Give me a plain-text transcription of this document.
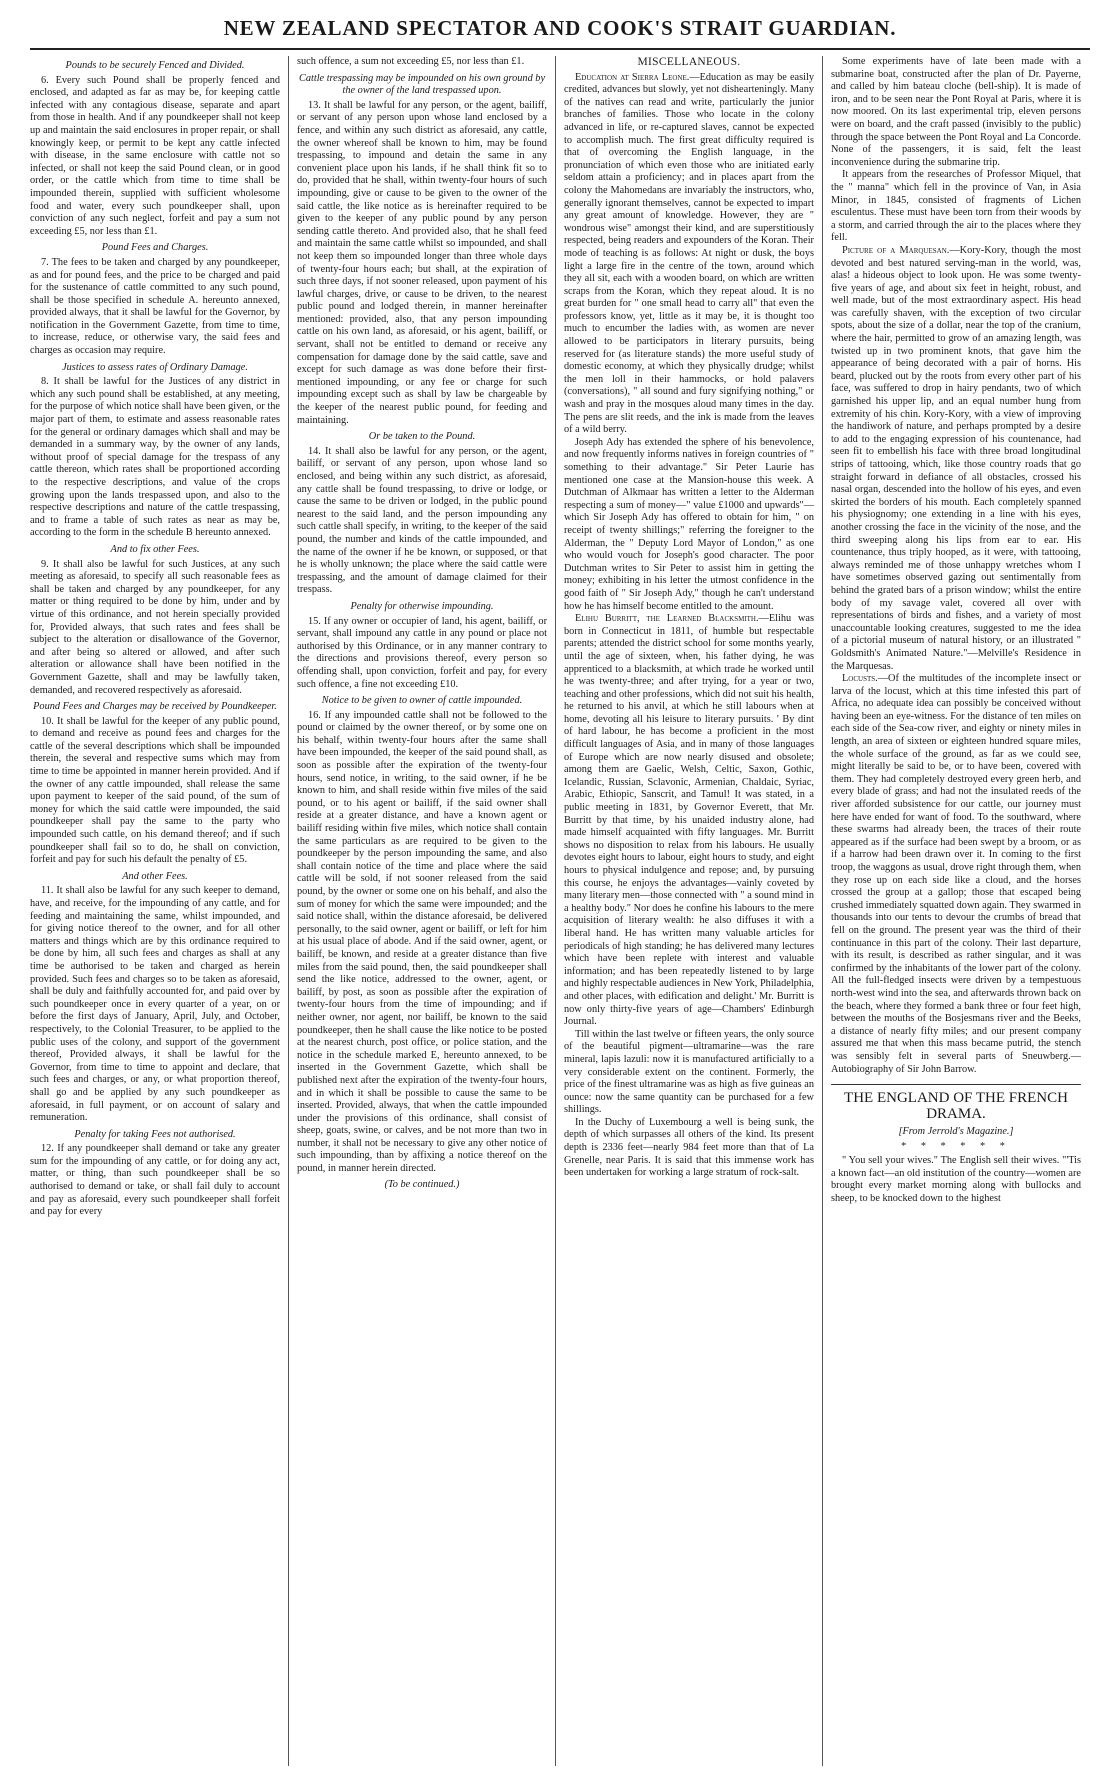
NEW ZEALAND SPECTATOR AND COOK'S STRAIT GUARDIAN.
Pounds to be securely Fenced and Divided.

6. Every such Pound shall be properly fenced and enclosed, and adapted as far as may be, for keeping cattle infected with any contagious disease, separate and apart from those in health. And if any poundkeeper shall not keep up and maintain the said enclosures in proper repair, or shall knowingly keep, or permit to be kept any cattle infected with disease, in the same enclosure with cattle not so infected, or shall not keep the said Pound clean, or in good order, or the cattle which from time to time shall be impounded therein, supplied with sufficient wholesome food and water, every such poundkeeper shall, upon conviction of any such neglect, forfeit and pay a sum not exceeding £5, nor less than £1.

Pound Fees and Charges.

7. The fees to be taken and charged by any poundkeeper, as and for pound fees, and the price to be charged and paid for the sustenance of cattle committed to any such pound, shall be those specified in schedule A. hereunto annexed, provided always, that it shall be lawful for the Governor, by notification in the Government Gazette, from time to time, to increase, reduce, or otherwise vary, the said fees and charges as occasion may require.

Justices to assess rates of Ordinary Damage.

8. It shall be lawful for the Justices of any district in which any such pound shall be established, at any meeting, for the purpose of which notice shall have been given, or the major part of them, to estimate and assess reasonable rates for the general or ordinary damages which shall and may be demanded in a summary way, by the owner of any lands, without proof of special damage for the trespass of any cattle thereon, which rates shall be proportioned according to the respective descriptions, and value of the crops growing upon the lands trespassed upon, and also to the respective descriptions and nature of the cattle trespassing, and to frame a table of such rates as near as may be, according to the form in the schedule B hereunto annexed.

And to fix other Fees.

9. It shall also be lawful for such Justices, at any such meeting as aforesaid, to specify all such reasonable fees as shall be taken and charged by any poundkeeper, for any matter or thing required to be done by him, under and by virtue of this ordinance, and not herein specially provided for, Provided always, that such rates and fees shall be subject to the alteration or disallowance of the Governor, and after being so altered or allowed, and after such alteration or allowance shall have been notified in the Government Gazette, shall and may be lawfully taken, demanded, and recovered respectively as aforesaid.

Pound Fees and Charges may be received by Poundkeeper.

10. It shall be lawful for the keeper of any public pound, to demand and receive as pound fees and charges for the cattle of the several descriptions which shall be impounded therein, the several and respective sums which may from time to time be appointed in manner herein provided. And if the owner of any cattle impounded, shall release the same upon payment to keeper of the said pound, of the sum of money for which the said cattle were impounded, the said poundkeeper shall pay the same to the party who impounded such cattle, on his demand thereof; and if such poundkeeper shall fail so to do, he shall on conviction, forfeit and pay for such his default the penalty of £5.

And other Fees.

11. It shall also be lawful for any such keeper to demand, have, and receive, for the impounding of any cattle, and for feeding and maintaining the same, whilst impounded, and for giving notice thereof to the owner, and for all other matters and things which are by this ordinance required to be done by him, all such fees and charges as shall at any time be authorised to be taken and charged as herein provided. Such fees and charges so to be taken as aforesaid, shall be duly and faithfully accounted for, and paid over by such poundkeeper once in every quarter of a year, on or before the first days of January, April, July, and October, respectively, to the Colonial Treasurer, to be applied to the public uses of the colony, and support of the government thereof, Provided always, it shall be lawful for the Governor, from time to time to appoint and declare, that such fees and charges, or any, or what proportion thereof, shall go and be applied by any such poundkeeper as aforesaid, in full payment, or on account of salary and remuneration.

Penalty for taking Fees not authorised.

12. If any poundkeeper shall demand or take any greater sum for the impounding of any cattle, or for doing any act, matter, or thing, than such poundkeeper shall be so authorised to demand or take, or shall fail duly to account and pay as aforesaid, every such poundkeeper shall forfeit and pay for every

such offence, a sum not exceeding £5, nor less than £1.

Cattle trespassing may be impounded on his own ground by the owner of the land trespassed upon.

13. It shall be lawful for any person, or the agent, bailiff, or servant of any person upon whose land enclosed by a fence, and within any such district as aforesaid, any cattle, the owner whereof shall be known to him, may be found trespassing, to impound and detain the same in any convenient place upon his lands, if he shall think fit so to do, provided that he shall, within twenty-four hours of such impounding, give or cause to be given to the owner of the said cattle, the like notice as is hereinafter required to be given to the keeper of any public pound by any person sending cattle thereto. And provided also, that he shall feed and maintain the same cattle whilst so impounded, and shall not keep them so impounded longer than three whole days of twenty-four hours each; but shall, at the expiration of such three days, if not sooner released, upon payment of his lawful charges, drive, or cause to be driven, to the nearest public pound and lodged therein, in manner hereinafter mentioned: provided, also, that any person impounding cattle on his own land, as aforesaid, or his agent, bailiff, or servant, shall not be entitled to demand or receive any compensation for damage done by the said cattle, save and except for such damage as was done before their first-mentioned impounding, or any fee or charge for such impounding except such as shall by law be chargeable by the keeper of the nearest public pound, for feeding and maintaining.

Or be taken to the Pound.

14. It shall also be lawful for any person, or the agent, bailiff, or servant of any person, upon whose land so enclosed, and being within any such district, as aforesaid, any cattle shall be found trespassing, to drive or lodge, or cause the same to be driven or lodged, in the public pound nearest to the said land, and the person impounding any such cattle shall specify, in writing, to the keeper of the said pound, the number and kinds of the cattle impounded, and the name of the owner if he be known, or supposed, or that he is wholly unknown; the place where the said cattle were trespassing, and the amount of damage claimed for their trespass.

Penalty for otherwise impounding.

15. If any owner or occupier of land, his agent, bailiff, or servant, shall impound any cattle in any pound or place not authorised by this Ordinance, or in any manner contrary to the directions and provisions thereof, every person so offending shall, upon conviction, forfeit and pay, for every such offence, a fine not exceeding £10.

Notice to be given to owner of cattle impounded.

16. If any impounded cattle shall not be followed to the pound or claimed by the owner thereof, or by some one on his behalf, within twenty-four hours after the same shall have been impounded, the keeper of the said pound shall, as soon as possible after the expiration of the twenty-four hours, send notice, in writing, to the said owner, if he be known to him, and shall reside within five miles of the said pound, or to his agent or bailiff, if the said owner shall reside at a greater distance, and have a known agent or bailiff residing within five miles, which notice shall contain the same particulars as are required to be given to the poundkeeper by the person impounding the same, and also shall contain notice of the time and place where the said cattle will be sold, if not sooner released from the said pound, by the owner or some one on his behalf, and also the sum of money for which the same were impounded; and the said notice shall, within the distance aforesaid, be delivered personally, to the said owner, agent or bailiff, or left for him at his usual place of abode. And if the said owner, agent, or bailiff, be known, and reside at a greater distance than five miles from the said pound, then, the said poundkeeper shall send the like notice, addressed to the owner, agent, or bailiff, by post, as soon as possible after the expiration of twenty-four hours from the time of impounding; and if neither owner, nor agent, nor bailiff, be known to the said poundkeeper, then he shall cause the like notice to be posted at the nearest church, post office, or police station, and the notice in the schedule marked E, hereunto annexed, to be inserted in the Government Gazette, which shall be published next after the expiration of the twenty-four hours, and in which it shall be possible to cause the same to be inserted. Provided, always, that when the cattle impounded under the provisions of this ordinance, shall consist of sheep, goats, swine, or calves, and be not more than two in number, it shall not be necessary to give any other notice of such impounding, than by affixing a notice thereof on the pound, in manner herein directed.

(To be continued.)
MISCELLANEOUS.

Education at Sierra Leone.—Education as may be easily credited, advances but slowly, yet not dishearteningly. Many of the natives can read and write, particularly the junior branches of families. Those who locate in the colony advanced in life, or re-captured slaves, cannot be expected to accomplish much. The first great difficulty required is that of overcoming the English language, in the pronunciation of which even those who are initiated early seldom attain a proficiency; and in places apart from the colony the Mahomedans are invariably the instructors, who, generally ignorant themselves, cannot be expected to impart any great amount of knowledge. However, they are " wondrous wise" amongst their kind, and are superstitiously respected, being readers and expounders of the Koran. Their mode of teaching is as follows: At night or dusk, the boys light a large fire in the centre of the town, around which they all sit, each with a wooden board, on which are written scraps from the Koran, which they repeat aloud. It is no great burden for " one small head to carry all" that even the professors know, yet, little as it may be, it is thought too much to encumber the ladies with, as women are never allowed to be participators in literary pursuits, being reserved for (as literature stands) the more useful study of domestic economy, at which they physically drudge; whilst the men loll in their hammocks, or hold palavers (conversations), " all sound and fury signifying nothing," or wash and pray in the mosques aloud many times in the day. The pens are slit reeds, and the ink is made from the leaves of a wild berry.

Joseph Ady has extended the sphere of his benevolence, and now frequently informs natives in foreign countries of " something to their advantage." Sir Peter Laurie has mentioned one case at the Mansion-house this week. A Dutchman of Alkmaar has written a letter to the Alderman respecting a sum of money—" value £1000 and upwards"—which Sir Joseph Ady has offered to obtain for him, " on receipt of twenty shillings;" referring the foreigner to the Alderman, the " Deputy Lord Mayor of London," as one who would vouch for Joseph's good character. The poor Dutchman writes to Sir Peter to assist him in getting the money; exhibiting in his letter the utmost confidence in the good faith of " Sir Joseph Ady," though he can't understand how he has himself become entitled to the amount.

Elihu Burritt, the Learned Blacksmith.—Elihu was born in Connecticut in 1811, of humble but respectable parents; attended the district school for some months yearly, until the age of sixteen, when, his father dying, he was apprenticed to a blacksmith, at which trade he worked until he was twenty-three; and after trying, for a year or two, teaching and other professions, which did not suit his health, he returned to his anvil, at which he still labours when at home, devoting all his leisure to literary pursuits. ' By dint of hard labour, he has become a proficient in the most difficult languages of Asia, and in many of those languages of Europe which are now nearly disused and obsolete; among them are Gaelic, Welsh, Celtic, Saxon, Gothic, Icelandic, Russian, Sclavonic, Armenian, Chaldaic, Syriac, Arabic, Ethiopic, Sanscrit, and Tamul! It was stated, in a public meeting in 1831, by Governor Everett, that Mr. Burritt by that time, by his unaided industry alone, had made himself acquainted with fifty languages. Mr. Burritt shows no disposition to relax from his labours. He usually devotes eight hours to labour, eight hours to study, and eight hours to physical indulgence and repose; and, by pursuing this course, he enjoys the advantages—vainly coveted by many literary men—those connected with " a sound mind in a healthy body." Nor does he confine his labours to the mere acquisition of literary wealth: he also diffuses it with a liberal hand. He has written many valuable articles for periodicals of high standing; he has delivered many lectures which have been replete with interest and valuable information; and has been repeatedly listened to by large and highly respectable audiences in New York, Philadelphia, and other places, with edification and delight.' Mr. Burritt is now only thirty-five years of age—Chambers' Edinburgh Journal.

Till within the last twelve or fifteen years, the only source of the beautiful pigment—ultramarine—was the rare mineral, lapis lazuli: now it is manufactured artificially to a very considerable extent on the continent. Formerly, the price of the finest ultramarine was as high as five guineas an ounce: now the same quantity can be purchased for a few shillings.

In the Duchy of Luxembourg a well is being sunk, the depth of which surpasses all others of the kind. Its present depth is 2336 feet—nearly 984 feet more than that of La Grenelle, near Paris. It is said that this immense work has been undertaken for working a large stratum of rock-salt.

Some experiments have of late been made with a submarine boat, constructed after the plan of Dr. Payerne, and called by him bateau cloche (bell-ship). It is made of iron, and to be seen near the Pont Royal at Paris, where it is now moored. On its last experimental trip, eleven persons were on board, and the craft passed (invisibly to the public) through the space between the Pont Royal and La Concorde. None of the passengers, it is said, felt the least inconvenience during the submarine trip.

It appears from the researches of Professor Miquel, that the " manna" which fell in the province of Van, in Asia Minor, in 1845, consisted of fragments of Lichen esculentus. These must have been torn from their woods by a storm, and carried through the air to the places where they fell.

Picture of a Marquesan.—Kory-Kory, though the most devoted and best natured serving-man in the world, was, alas! a hideous object to look upon. He was some twenty-five years of age, and about six feet in height, robust, and well made, but of the most extraordinary aspect. His head was carefully shaven, with the exception of two circular spots, about the size of a dollar, near the top of the cranium, where the hair, permitted to grow of an amazing length, was twisted up in two prominent knots, that gave him the appearance of being decorated with a pair of horns. His beard, plucked out by the roots from every other part of his face, was suffered to drop in hairy pendants, two of which garnished his upper lip, and an equal number hung from extremity of his chin. Kory-Kory, with a view of improving the handiwork of nature, and perhaps prompted by a desire to add to the engaging expression of his countenance, had seen fit to embellish his face with three broad longitudinal strips of tattooing, which, like those country roads that go straight forward in defiance of all obstacles, crossed his nasal organ, descended into the hollow of his eyes, and even skirted the borders of his mouth. Each completely spanned his physiognomy; one extending in a line with his eyes, another crossing the face in the vicinity of the nose, and the third sweeping along his lips from ear to ear. His countenance, thus triply hooped, as it were, with tattooing, always reminded me of those unhappy wretches whom I have sometimes observed gazing out sentimentally from behind the grated bars of a prison window; whilst the entire body of my savage valet, covered all over with representations of birds and fishes, and a variety of most unaccountable looking creatures, suggested to me the idea of a pictorial museum of natural history, or an illustrated " Goldsmith's Animated Nature."—Melville's Residence in the Marquesas.

Locusts.—Of the multitudes of the incomplete insect or larva of the locust, which at this time infested this part of Africa, no adequate idea can possibly be conceived without having been an eye-witness. For the distance of ten miles on each side of the Sea-cow river, and eighty or ninety miles in length, an area of sixteen or eighteen hundred square miles, the whole surface of the ground, as far as we could see, might literally be said to be, or to have been, covered with them. They had completely destroyed every green herb, and every blade of grass; and had not the insulated reeds of the river afforded subsistence for our cattle, our journey must here have ended for want of food. To the southward, where these swarms had already been, the traces of their route appeared as if the surface had been swept by a broom, or as if a harrow had been drawn over it. In coming to the first troop, the waggons as usual, drove right through them, when they rose up on each side like a cloud, and the horses crossed the group at a gallop; those that escaped being crushed immediately squatted down again. They swarmed in thousands into our tents to devour the crumbs of bread that fell on the ground. The present year was the third of their continuance in this part of the colony. Their last departure, with its result, is described as rather singular, and it was confirmed by the inhabitants of the lower part of the colony. All the full-fledged insects were driven by a tempestuous north-west wind into the sea, and afterwards thrown back on the beach, where they formed a bank three or four feet high, between the mouths of the Bosjesmans river and the Beeks, a distance of nearly fifty miles; and our present company assured me that when this mass became putrid, the stench was sensibly felt in several parts of Sneuwberg.—Autobiography of Sir John Barrow.

THE ENGLAND OF THE FRENCH DRAMA.
[From Jerrold's Magazine.]
* * * * * *

" You sell your wives." The English sell their wives. "'Tis a known fact—an old institution of the country—women are brought every market morning along with bullocks and sheep, to be knocked down to the highest
